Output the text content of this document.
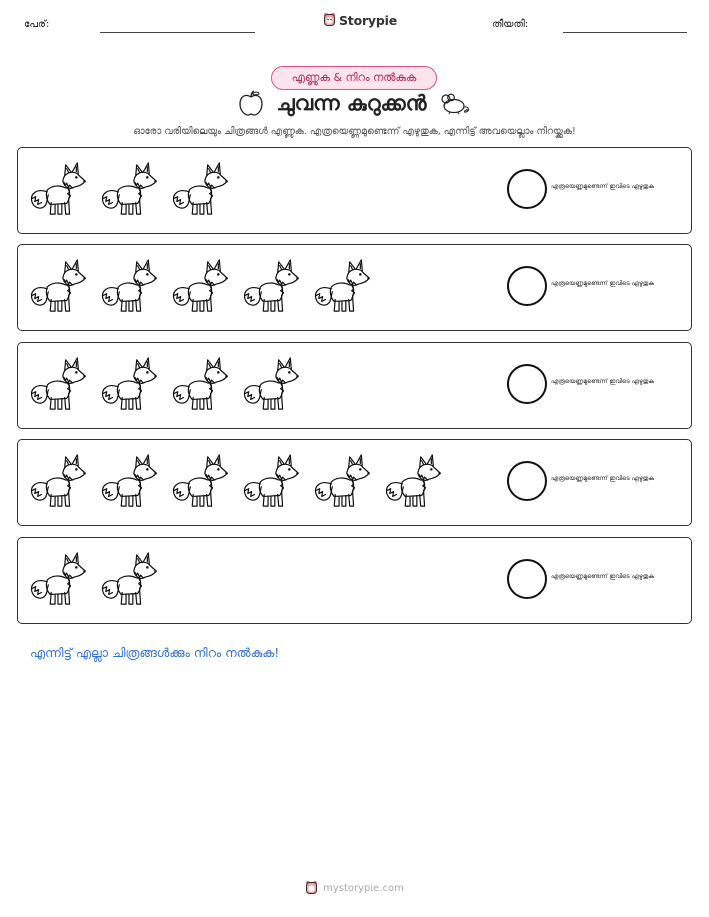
പേര്:	Storypie	തീയതി:
എണ്ണുക & നിറം നൽകുക
ചുവന്ന കുറുക്കൻ
ഓരോ വരിയിലെയും ചിത്രങ്ങൾ എണ്ണുക. എത്രയെണ്ണമുണ്ടെന്ന് എഴുതുക, എന്നിട്ട് അവയെല്ലാം നിറയ്ക്കുക!
എത്രയെണ്ണമുണ്ടെന്ന് ഇവിടെ എഴുതുക
എത്രയെണ്ണമുണ്ടെന്ന് ഇവിടെ എഴുതുക
എത്രയെണ്ണമുണ്ടെന്ന് ഇവിടെ എഴുതുക
എത്രയെണ്ണമുണ്ടെന്ന് ഇവിടെ എഴുതുക
എത്രയെണ്ണമുണ്ടെന്ന് ഇവിടെ എഴുതുക
എന്നിട്ട് എല്ലാ ചിത്രങ്ങൾക്കും നിറം നൽകുക!
mystorypie.com
